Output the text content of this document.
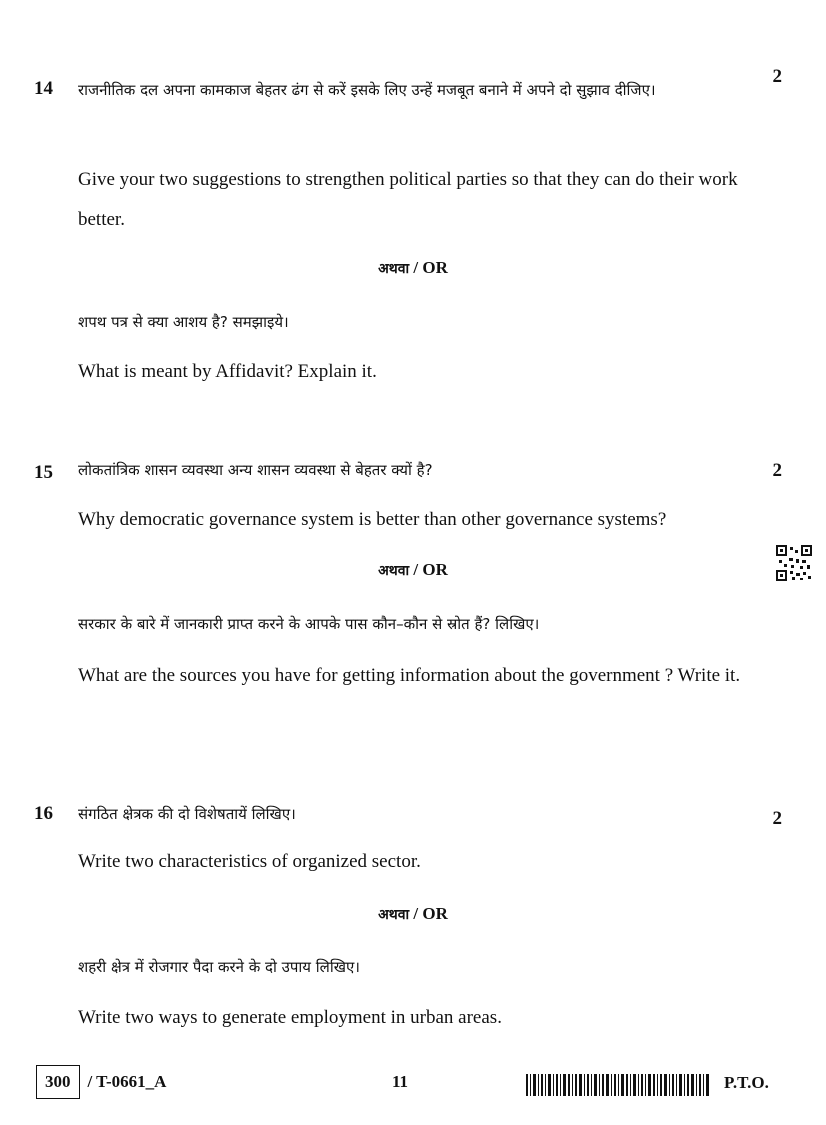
14
2
राजनीतिक दल अपना कामकाज बेहतर ढंग से करें इसके लिए उन्हें मजबूत बनाने में अपने दो सुझाव दीजिए।
Give your two suggestions to strengthen political parties so that they can do their work better.
अथवा / OR
शपथ पत्र से क्या आशय है? समझाइये।
What is meant by Affidavit? Explain it.
15	2
लोकतांत्रिक शासन व्यवस्था अन्य शासन व्यवस्था से बेहतर क्यों है?
Why democratic governance system is better than other governance systems?
अथवा / OR
सरकार के बारे में जानकारी प्राप्त करने के आपके पास कौन–कौन से स्रोत हैं? लिखिए।
What are the sources you have for getting information about the government ? Write it.
16	2
संगठित क्षेत्रक की दो विशेषतायें लिखिए।
Write two characteristics of organized sector.
अथवा / OR
शहरी क्षेत्र में रोजगार पैदा करने के दो उपाय लिखिए।
Write two ways to generate employment in urban areas.
300	/ T-0661_A	11	P.T.O.
